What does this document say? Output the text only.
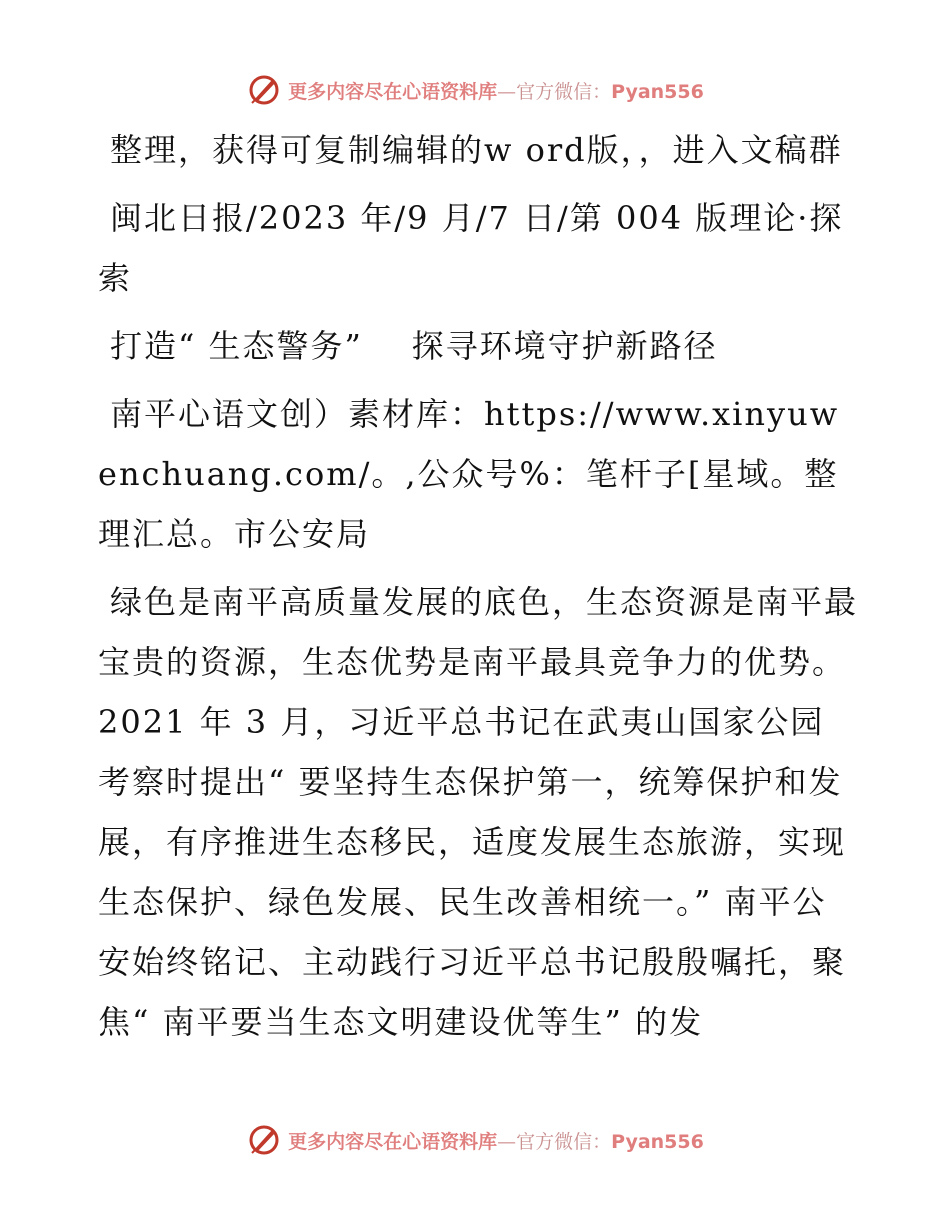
更多内容尽在心语资料库—官方微信：Pyan556

整理，获得可复制编辑的w ord版，，进入文稿群

闽北日报/2023 年/9 月/7 日/第 004 版理论·探索

打造“ 生态警务”    探寻环境守护新路径

南平心语文创）素材库：https://www.xinyuwenchuang.com/。,公众号%：笔杆子[星域。整理汇总。市公安局

绿色是南平高质量发展的底色，生态资源是南平最宝贵的资源，生态优势是南平最具竞争力的优势。2021 年 3 月，习近平总书记在武夷山国家公园考察时提出“ 要坚持生态保护第一，统筹保护和发展，有序推进生态移民，适度发展生态旅游，实现生态保护、绿色发展、民生改善相统一。” 南平公安始终铭记、主动践行习近平总书记殷殷嘱托，聚焦“ 南平要当生态文明建设优等生” 的发

更多内容尽在心语资料库—官方微信：Pyan556
